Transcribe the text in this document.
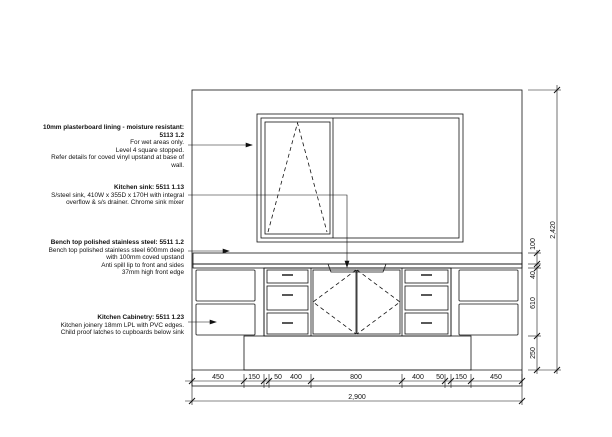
10mm plasterboard lining - moisture resistant:
5113 1.2
For wet areas only.
Level 4 square stopped.
Refer details for coved vinyl upstand at base of
wall.
Kitchen sink: 5511 1.13
S/steel sink, 410W x 355D x 170H with integral
overflow & s/s drainer. Chrome sink mixer
Bench top polished stainless steel: 5511 1.2
Bench top polished stainless steel 600mm deep
with 100mm coved upstand
Anti spill lip to front and sides
37mm high front edge
Kitchen Cabinetry: 5511 1.23
Kitchen joinery 18mm LPL with PVC edges.
Child proof latches to cupboards below sink
450	150 50 400	800	400 50 150	450
2,900
100
40
610
250
2,420
